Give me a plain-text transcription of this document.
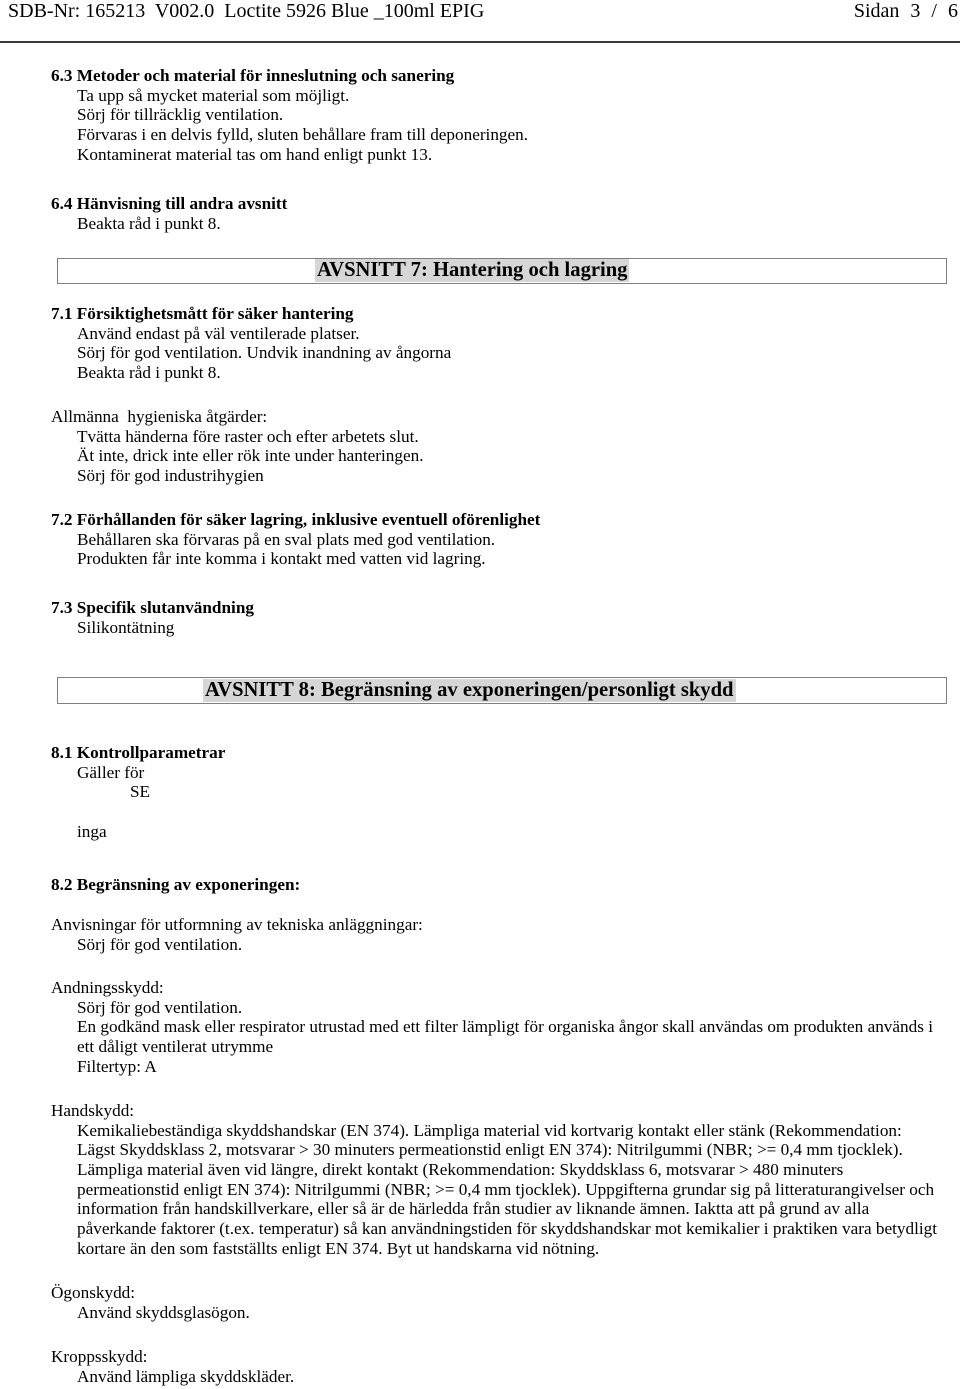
SDB-Nr: 165213  V002.0  Loctite 5926 Blue _100ml EPIG	Sidan 3 / 6
6.3 Metoder och material för inneslutning och sanering
Ta upp så mycket material som möjligt.
Sörj för tillräcklig ventilation.
Förvaras i en delvis fylld, sluten behållare fram till deponeringen.
Kontaminerat material tas om hand enligt punkt 13.
6.4 Hänvisning till andra avsnitt
Beakta råd i punkt 8.
AVSNITT 7: Hantering och lagring
7.1 Försiktighetsmått för säker hantering
Använd endast på väl ventilerade platser.
Sörj för god ventilation. Undvik inandning av ångorna
Beakta råd i punkt 8.
Allmänna  hygieniska åtgärder:
Tvätta händerna före raster och efter arbetets slut.
Ät inte, drick inte eller rök inte under hanteringen.
Sörj för god industrihygien
7.2 Förhållanden för säker lagring, inklusive eventuell oförenlighet
Behållaren ska förvaras på en sval plats med god ventilation.
Produkten får inte komma i kontakt med vatten vid lagring.
7.3 Specifik slutanvändning
Silikontätning
AVSNITT 8: Begränsning av exponeringen/personligt skydd
8.1 Kontrollparametrar
Gäller för
SE
inga
8.2 Begränsning av exponeringen:
Anvisningar för utformning av tekniska anläggningar:
Sörj för god ventilation.
Andningsskydd:
Sörj för god ventilation.
En godkänd mask eller respirator utrustad med ett filter lämpligt för organiska ångor skall användas om produkten används i
ett dåligt ventilerat utrymme
Filtertyp: A
Handskydd:
Kemikaliebeständiga skyddshandskar (EN 374). Lämpliga material vid kortvarig kontakt eller stänk (Rekommendation:
Lägst Skyddsklass 2, motsvarar > 30 minuters permeationstid enligt EN 374): Nitrilgummi (NBR; >= 0,4 mm tjocklek).
Lämpliga material även vid längre, direkt kontakt (Rekommendation: Skyddsklass 6, motsvarar > 480 minuters
permeationstid enligt EN 374): Nitrilgummi (NBR; >= 0,4 mm tjocklek). Uppgifterna grundar sig på litteraturangivelser och
information från handskillverkare, eller så är de härledda från studier av liknande ämnen. Iaktta att på grund av alla
påverkande faktorer (t.ex. temperatur) så kan användningstiden för skyddshandskar mot kemikalier i praktiken vara betydligt
kortare än den som fastställts enligt EN 374. Byt ut handskarna vid nötning.
Ögonskydd:
Använd skyddsglasögon.
Kroppsskydd:
Använd lämpliga skyddskläder.
